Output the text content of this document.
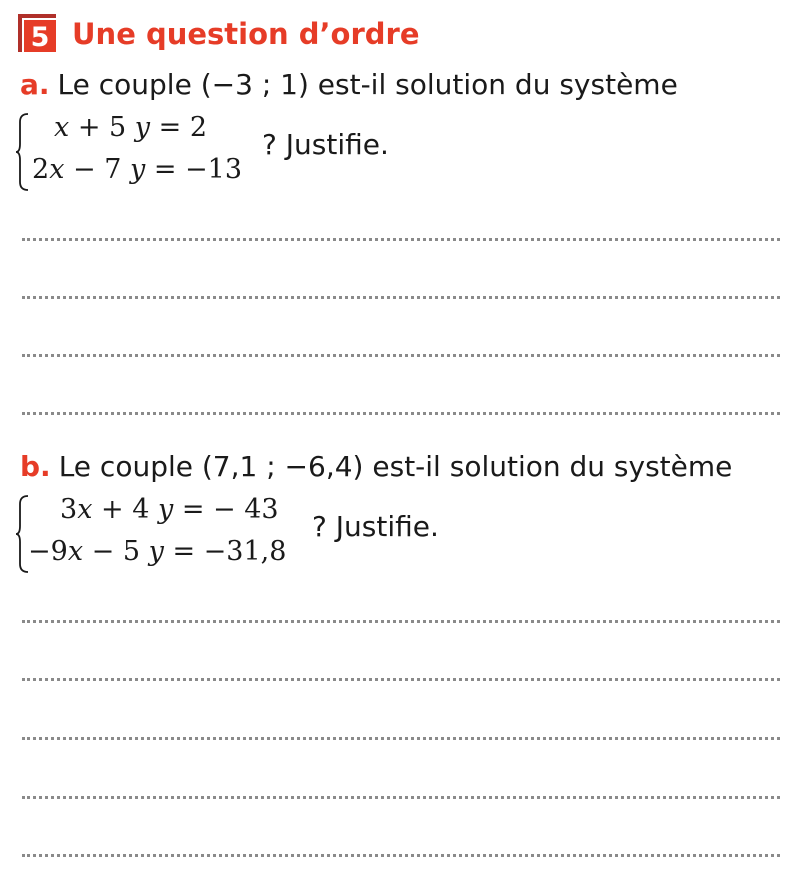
5 Une question d’ordre
a. Le couple (−3 ; 1) est-il solution du système
x + 5 y = 2
2x − 7 y = −13
? Justifie.
b. Le couple (7,1 ; −6,4) est-il solution du système
3x + 4 y = − 43
−9x − 5 y = −31,8
? Justifie.
